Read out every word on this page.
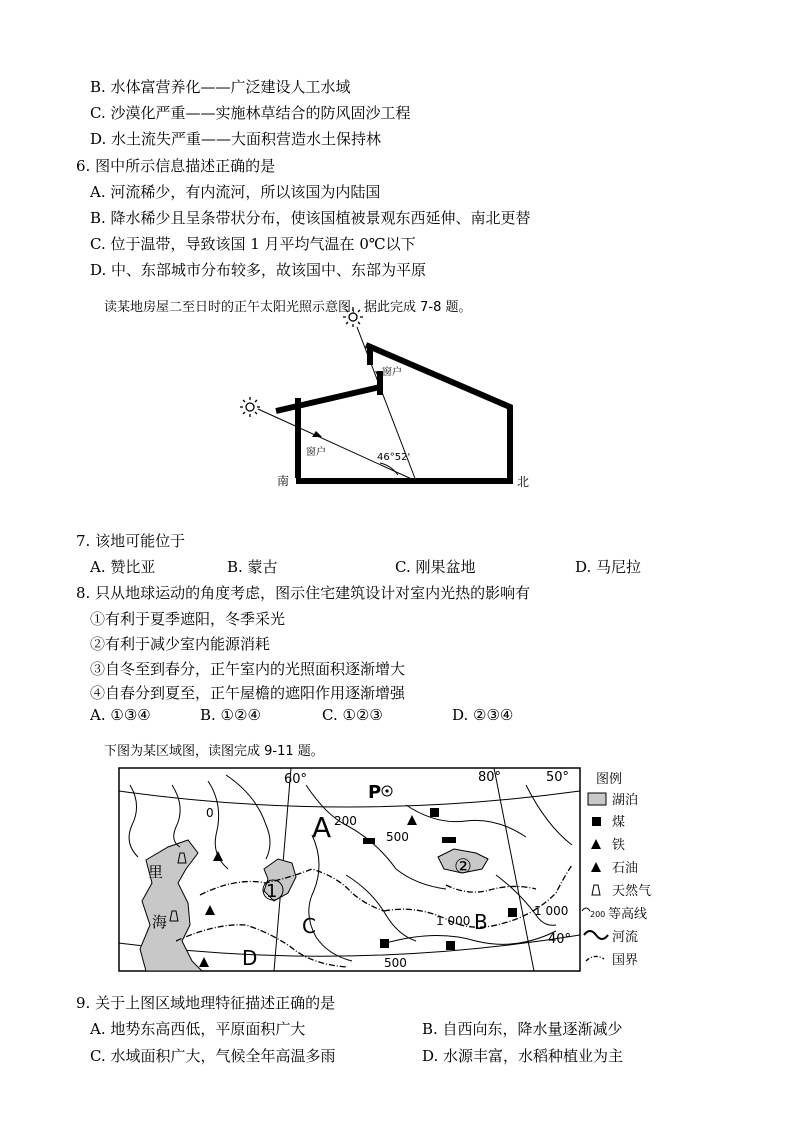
B. 水体富营养化——广泛建设人工水域
C. 沙漠化严重——实施林草结合的防风固沙工程
D. 水土流失严重——大面积营造水土保持林
6. 图中所示信息描述正确的是
A. 河流稀少，有内流河，所以该国为内陆国
B. 降水稀少且呈条带状分布，使该国植被景观东西延伸、南北更替
C. 位于温带，导致该国 1 月平均气温在 0℃以下
D. 中、东部城市分布较多，故该国中、东部为平原
读某地房屋二至日时的正午太阳光照示意图，据此完成 7-8 题。
窗户
窗户	46°52'
南	北
7. 该地可能位于
A. 赞比亚	B. 蒙古	C. 刚果盆地	D. 马尼拉
8. 只从地球运动的角度考虑，图示住宅建筑设计对室内光热的影响有
①有利于夏季遮阳，冬季采光
②有利于减少室内能源消耗
③自冬至到春分，正午室内的光照面积逐渐增大
④自春分到夏至，正午屋檐的遮阳作用逐渐增强
A. ①③④	B. ①②④	C. ①②③	D. ②③④
下图为某区域图，读图完成 9-11 题。
60°	80°	50°
40°
P
A
C	B
D
1
②
里
海
200
500
500
1 000
1 000
0
图例
湖泊
煤
铁
石油
天然气
200 等高线
河流
国界
9. 关于上图区域地理特征描述正确的是
A. 地势东高西低，平原面积广大	B. 自西向东，降水量逐渐减少
C. 水域面积广大，气候全年高温多雨	D. 水源丰富，水稻种植业为主
